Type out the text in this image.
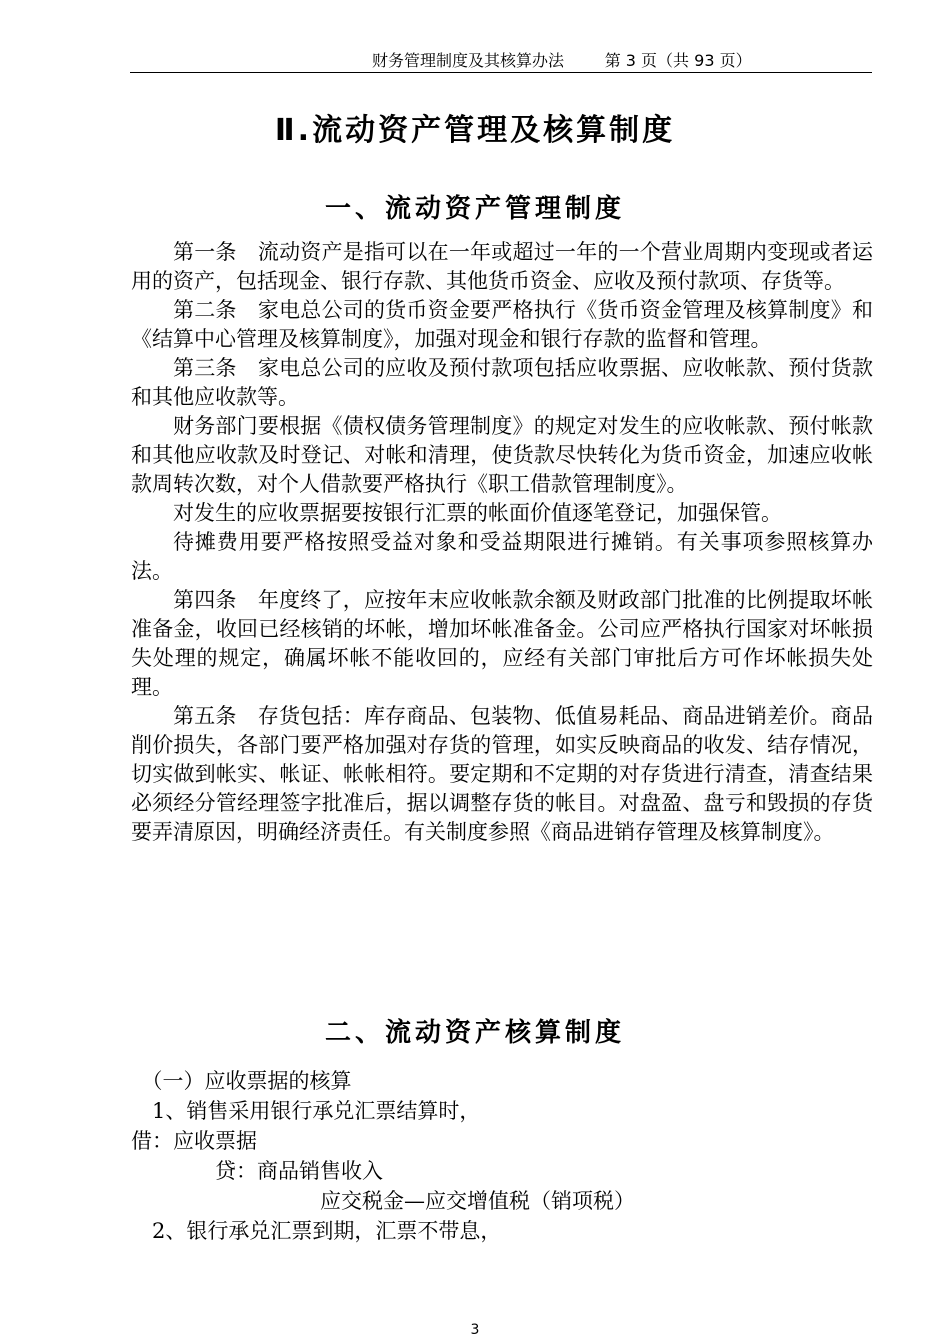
财务管理制度及其核算办法	第 3 页（共 93 页）
Ⅱ.流动资产管理及核算制度
一、流动资产管理制度

第一条　流动资产是指可以在一年或超过一年的一个营业周期内变现或者运用的资产，包括现金、银行存款、其他货币资金、应收及预付款项、存货等。

第二条　家电总公司的货币资金要严格执行《货币资金管理及核算制度》和《结算中心管理及核算制度》，加强对现金和银行存款的监督和管理。

第三条　家电总公司的应收及预付款项包括应收票据、应收帐款、预付货款和其他应收款等。

财务部门要根据《债权债务管理制度》的规定对发生的应收帐款、预付帐款和其他应收款及时登记、对帐和清理，使货款尽快转化为货币资金，加速应收帐款周转次数，对个人借款要严格执行《职工借款管理制度》。

对发生的应收票据要按银行汇票的帐面价值逐笔登记，加强保管。

待摊费用要严格按照受益对象和受益期限进行摊销。有关事项参照核算办法。

第四条　年度终了，应按年末应收帐款余额及财政部门批准的比例提取坏帐准备金，收回已经核销的坏帐，增加坏帐准备金。公司应严格执行国家对坏帐损失处理的规定，确属坏帐不能收回的，应经有关部门审批后方可作坏帐损失处理。

第五条　存货包括：库存商品、包装物、低值易耗品、商品进销差价。商品削价损失，各部门要严格加强对存货的管理，如实反映商品的收发、结存情况，切实做到帐实、帐证、帐帐相符。要定期和不定期的对存货进行清查，清查结果必须经分管经理签字批准后，据以调整存货的帐目。对盘盈、盘亏和毁损的存货要弄清原因，明确经济责任。有关制度参照《商品进销存管理及核算制度》。

二、流动资产核算制度
　（一）应收票据的核算
　1、销售采用银行承兑汇票结算时，
借：应收票据
　　　　贷：商品销售收入
　　　　　　　　　应交税金—应交增值税（销项税）
　2、银行承兑汇票到期，汇票不带息，
3
